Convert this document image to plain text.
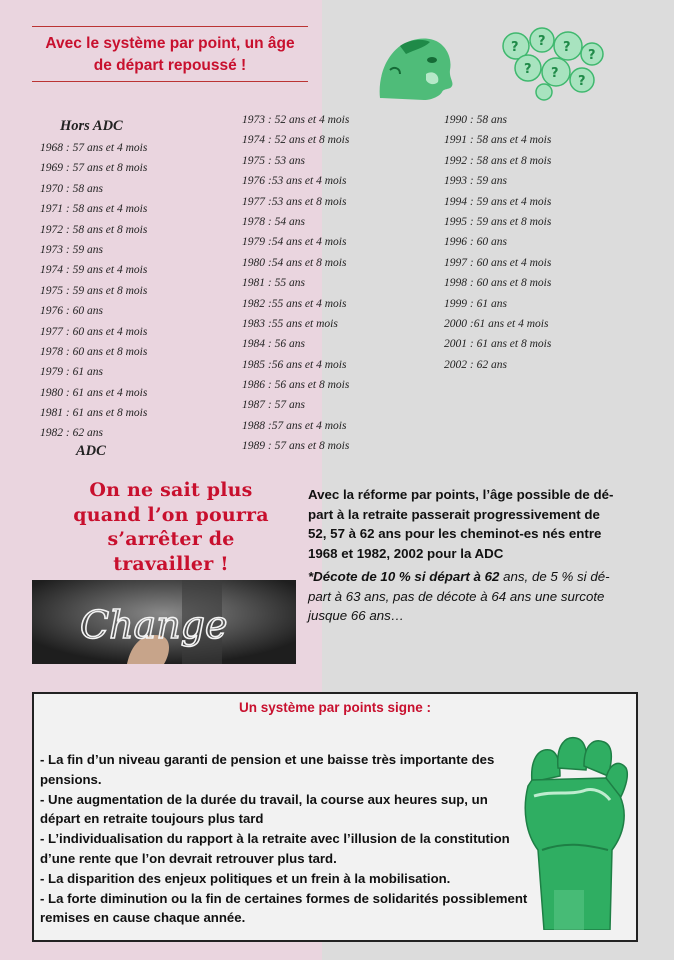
Avec le système par point, un âge
de départ repoussé !
? ? ?
?
? ?
?
Hors ADC
1968 : 57 ans et 4 mois
1969 : 57 ans et 8 mois
1970 : 58 ans
1971 : 58 ans et 4 mois
1972 : 58 ans et 8 mois
1973 : 59 ans
1974 : 59 ans et 4 mois
1975 : 59 ans et 8 mois
1976 : 60 ans
1977 : 60 ans et 4 mois
1978 : 60 ans et 8 mois
1979 : 61 ans
1980 : 61 ans et 4 mois
1981 : 61 ans et 8 mois
1982 : 62 ans
ADC
1973 : 52 ans et 4 mois
1974 : 52 ans et 8 mois
1975 : 53 ans
1976 :53 ans et 4 mois
1977 :53 ans et 8 mois
1978 : 54 ans
1979 :54 ans et 4 mois
1980 :54 ans et 8 mois
1981 : 55 ans
1982 :55 ans et 4 mois
1983 :55 ans et mois
1984 : 56 ans
1985 :56 ans et 4 mois
1986 : 56 ans et 8 mois
1987 : 57 ans
1988 :57 ans et 4 mois
1989 : 57 ans et 8 mois
1990 : 58 ans
1991 : 58 ans et 4 mois
1992 : 58 ans et 8 mois
1993 : 59 ans
1994 : 59 ans et 4 mois
1995 : 59 ans et 8 mois
1996 : 60 ans
1997 : 60 ans et 4 mois
1998 : 60 ans et 8 mois
1999 : 61 ans
2000 :61 ans et 4 mois
2001 : 61 ans et 8 mois
2002 : 62 ans
On ne sait plus
quand l’on pourra
s’arrêter de
travailler !
Change
Avec la réforme par points, l’âge possible de dé-
part à la retraite passerait progressivement de
52, 57 à 62 ans pour les cheminot-es nés entre
1968 et 1982, 2002 pour la ADC
*Décote de 10 % si départ à 62 ans, de 5 % si dé-
part à 63 ans, pas de décote à 64 ans une surcote
jusque 66 ans…
Un système par points signe :
- La fin d’un niveau garanti de pension et une baisse très importante des pensions.
- Une augmentation de la durée du travail, la course aux heures sup, un départ en retraite toujours plus tard
- L’individualisation du rapport à la retraite avec l’illusion de la constitution d’une rente que l’on devrait retrouver plus tard.
- La disparition des enjeux politiques et un frein à la mobilisation.
- La forte diminution ou la fin de certaines formes de solidarités possiblement remises en cause chaque année.
